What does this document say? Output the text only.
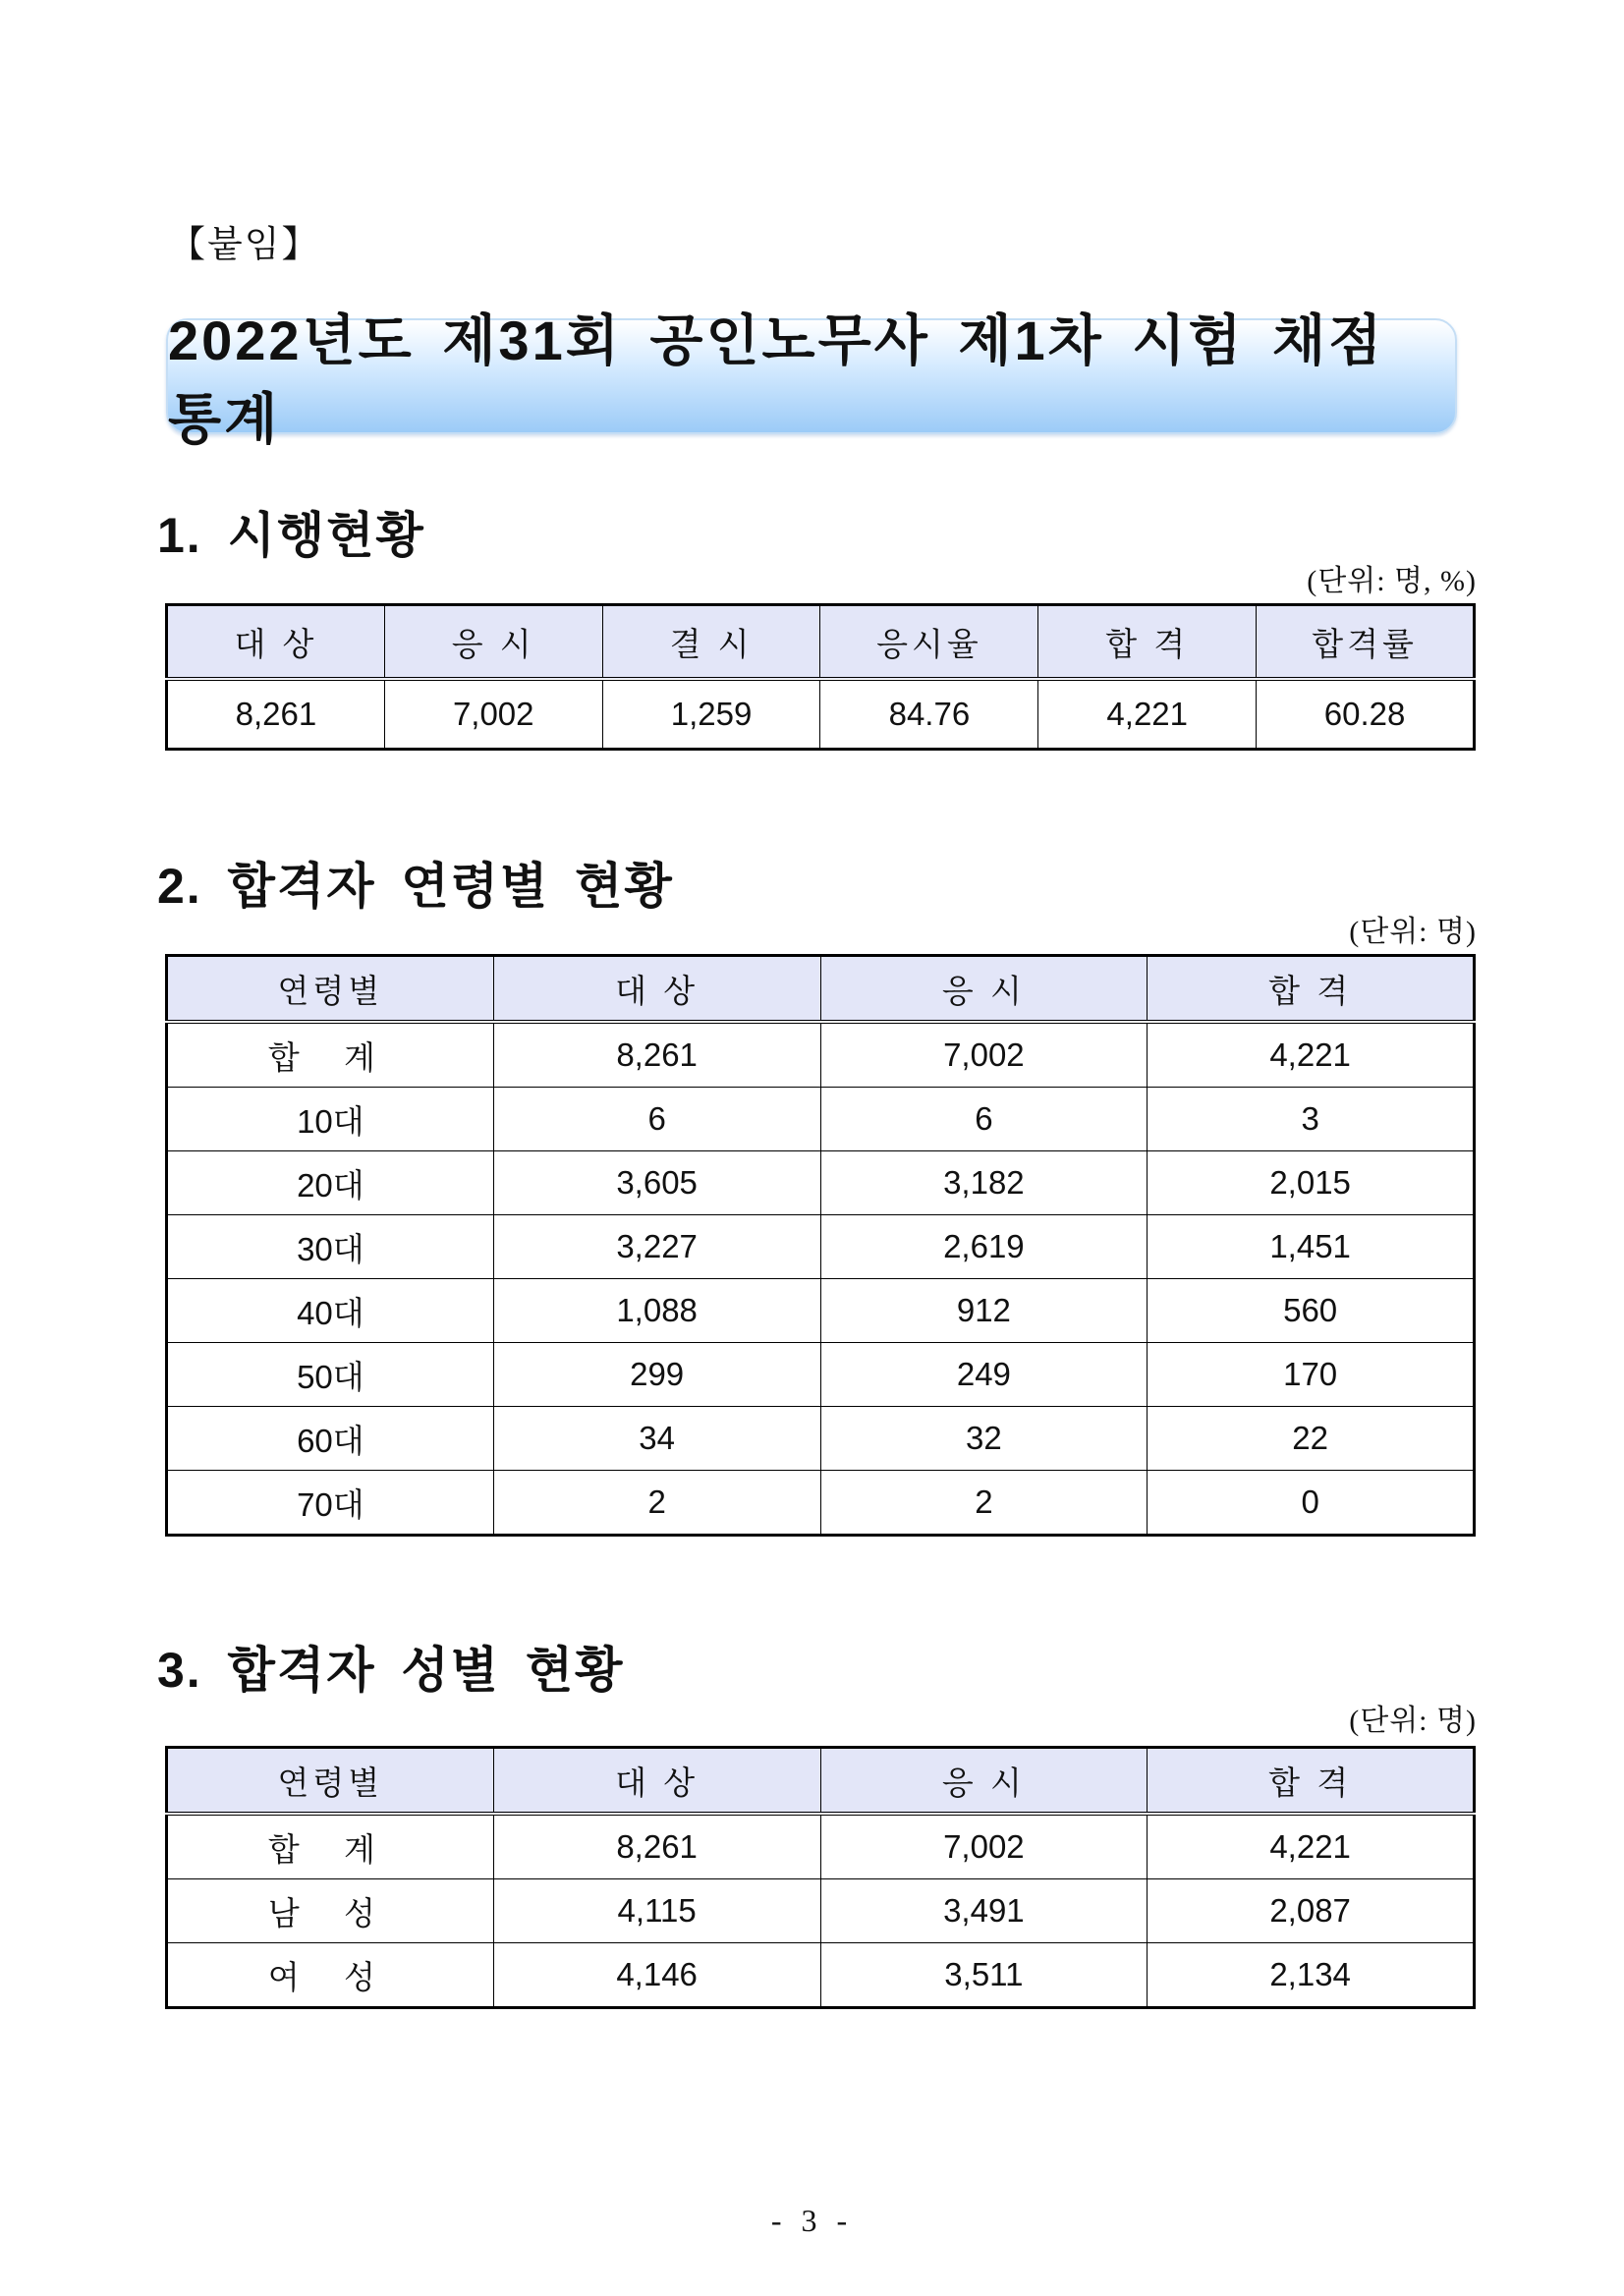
【붙임】
2022년도 제31회 공인노무사 제1차 시험 채점 통계
1. 시행현황
(단위: 명, %)
대 상	응 시	결 시	응시율	합 격	합격률
8,261	7,002	1,259	84.76	4,221	60.28
2. 합격자 연령별 현황
(단위: 명)
연령별	대 상	응 시	합 격
합 계	8,261	7,002	4,221
10대	6	6	3
20대	3,605	3,182	2,015
30대	3,227	2,619	1,451
40대	1,088	912	560
50대	299	249	170
60대	34	32	22
70대	2	2	0
3. 합격자 성별 현황
(단위: 명)
연령별	대 상	응 시	합 격
합 계	8,261	7,002	4,221
남 성	4,115	3,491	2,087
여 성	4,146	3,511	2,134
- 3 -
